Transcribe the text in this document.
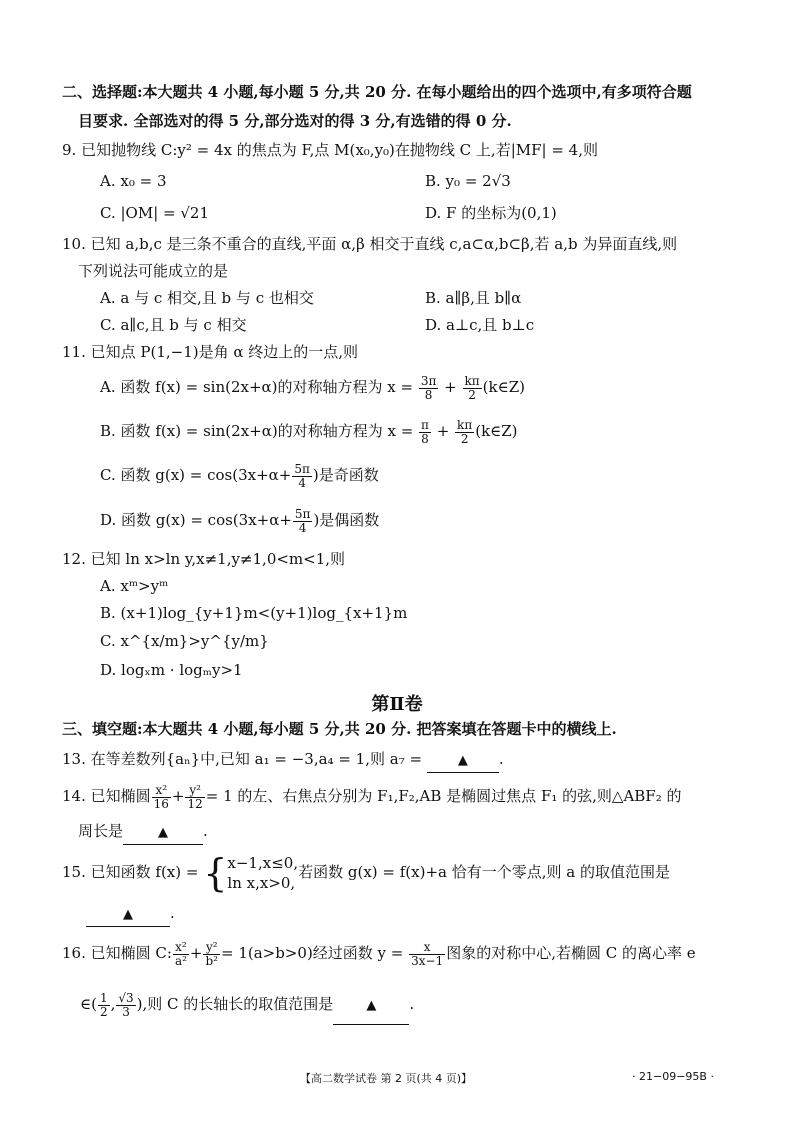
二、选择题:本大题共 4 小题,每小题 5 分,共 20 分. 在每小题给出的四个选项中,有多项符合题
目要求. 全部选对的得 5 分,部分选对的得 3 分,有选错的得 0 分.
9. 已知抛物线 C:y² = 4x 的焦点为 F,点 M(x₀,y₀)在抛物线 C 上,若|MF| = 4,则
A. x₀ = 3	B. y₀ = 2√3
C. |OM| = √21	D. F 的坐标为(0,1)
10. 已知 a,b,c 是三条不重合的直线,平面 α,β 相交于直线 c,a⊂α,b⊂β,若 a,b 为异面直线,则
下列说法可能成立的是
A. a 与 c 相交,且 b 与 c 也相交	B. a∥β,且 b∥α
C. a∥c,且 b 与 c 相交	D. a⊥c,且 b⊥c
11. 已知点 P(1,−1)是角 α 终边上的一点,则
A. 函数 f(x) = sin(2x+α)的对称轴方程为 $x = \frac{3\pi}{8} + \frac{k\pi}{2}$ (k∈Z)
B. 函数 f(x) = sin(2x+α)的对称轴方程为 $x = \frac{\pi}{8} + \frac{k\pi}{2}$ (k∈Z)
C. 函数 $g(x) = \cos(3x+\alpha+ \frac{5\pi}{4}$ )是奇函数
D. 函数 $g(x) = \cos(3x+\alpha+ \frac{5\pi}{4}$ )是偶函数
12. 已知 ln x>ln y,x≠1,y≠1,0<m<1,则
A. xᵐ>yᵐ
B. (x+1)log_{y+1}m<(y+1)log_{x+1}m
C. x^{x/m}>y^{y/m}
D. logₓm · logₘy>1
第Ⅱ卷
三、填空题:本大题共 4 小题,每小题 5 分,共 20 分. 把答案填在答题卡中的横线上.
13. 在等差数列{aₙ}中,已知 a₁ = −3,a₄ = 1,则 a₇ = ▲ .
14. 已知椭圆 $\frac{\text{x²}}{16} + \frac{\text{y²}}{12} = 1$ 的左、右焦点分别为 F₁,F₂,AB 是椭圆过焦点 F₁ 的弦,则△ABF₂ 的
周长是	▲ .
15. 已知函数 f(x) = { x−1,x≤0,
ln x,x>0,
若函数 g(x) = f(x)+a 恰有一个零点,则 a 的取值范围是
▲ .
16. 已知椭圆 C: $\frac{\text{x²}}{\text{a²}} + \frac{\text{y²}}{\text{b²}} = 1(a>b>0)$经过函数 $y = \frac{x}{3x-1}$ 图象的对称中心,若椭圆 C 的离心率 e
∈( $\frac{1}{2}$ , $\frac{√3}{3}$ ),则 C 的长轴长的取值范围是	▲ .
【高二数学试卷 第 2 页(共 4 页)】	· 21−09−95B ·
